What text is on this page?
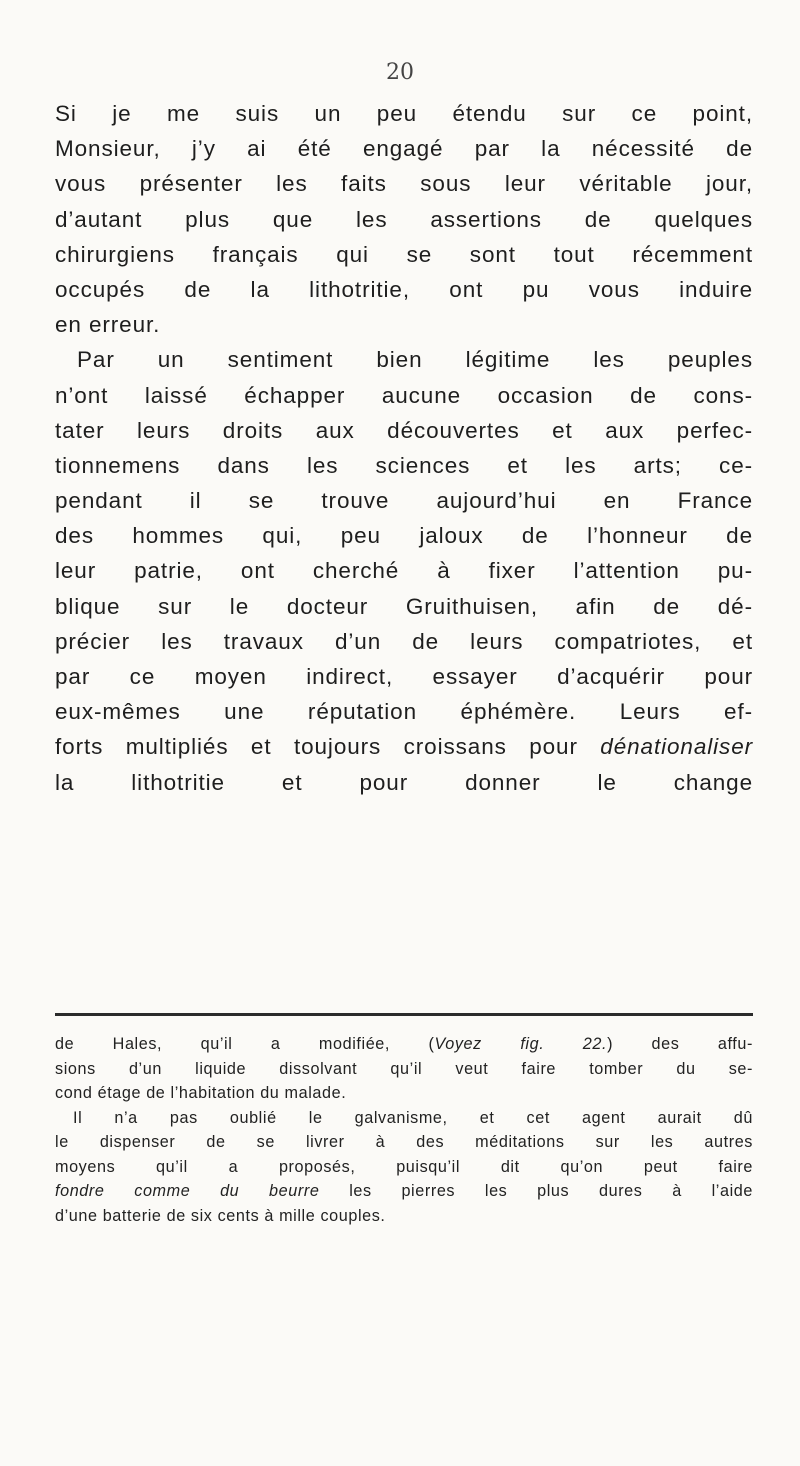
20
Si je me suis un peu étendu sur ce point,
Monsieur, j’y ai été engagé par la nécessité de
vous présenter les faits sous leur véritable jour,
d’autant plus que les assertions de quelques
chirurgiens français qui se sont tout récemment
occupés de la lithotritie, ont pu vous induire
en erreur.
Par un sentiment bien légitime les peuples
n’ont laissé échapper aucune occasion de cons-
tater leurs droits aux découvertes et aux perfec-
tionnemens dans les sciences et les arts; ce-
pendant il se trouve aujourd’hui en France
des hommes qui, peu jaloux de l’honneur de
leur patrie, ont cherché à fixer l’attention pu-
blique sur le docteur Gruithuisen, afin de dé-
précier les travaux d’un de leurs compatriotes, et
par ce moyen indirect, essayer d’acquérir pour
eux-mêmes une réputation éphémère. Leurs ef-
forts multipliés et toujours croissans pour dénationaliser
la lithotritie et pour donner le change
de Hales, qu’il a modifiée, (Voyez fig. 22.) des affu-
sions d’un liquide dissolvant qu’il veut faire tomber du se-
cond étage de l’habitation du malade.
Il n’a pas oublié le galvanisme, et cet agent aurait dû
le dispenser de se livrer à des méditations sur les autres
moyens qu’il a proposés, puisqu’il dit qu’on peut faire
fondre comme du beurre les pierres les plus dures à l’aide
d’une batterie de six cents à mille couples.
